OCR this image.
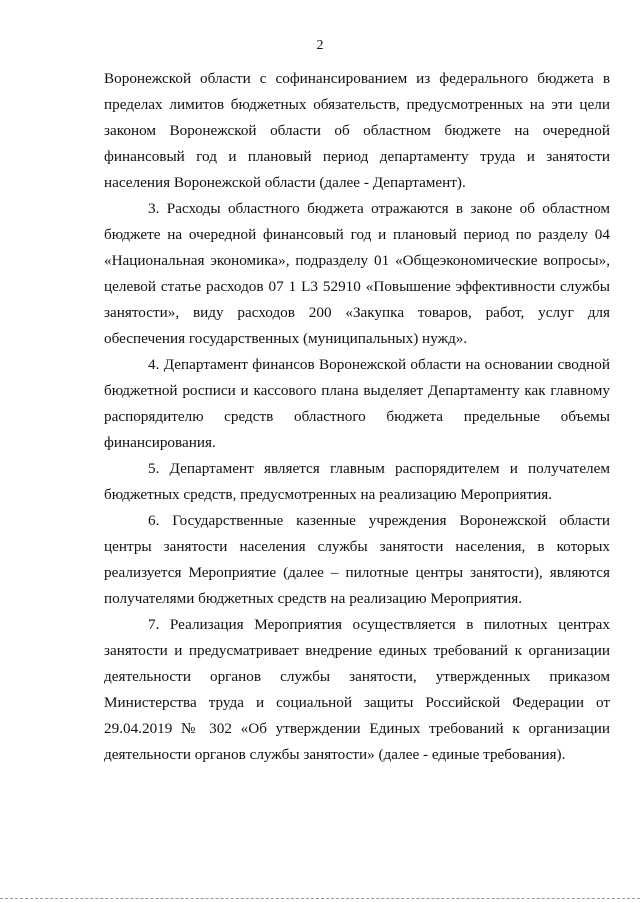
2

Воронежской области с софинансированием из федерального бюджета в пределах лимитов бюджетных обязательств, предусмотренных на эти цели законом Воронежской области об областном бюджете на очередной финансовый год и плановый период департаменту труда и занятости населения Воронежской области (далее - Департамент).

3. Расходы областного бюджета отражаются в законе об областном бюджете на очередной финансовый год и плановый период по разделу 04 «Национальная экономика», подразделу 01 «Общеэкономические вопросы», целевой статье расходов 07 1 L3 52910 «Повышение эффективности службы занятости», виду расходов 200 «Закупка товаров, работ, услуг для обеспечения государственных (муниципальных) нужд».

4. Департамент финансов Воронежской области на основании сводной бюджетной росписи и кассового плана выделяет Департаменту как главному распорядителю средств областного бюджета предельные объемы финансирования.

5. Департамент является главным распорядителем и получателем бюджетных средств, предусмотренных на реализацию Мероприятия.

6. Государственные казенные учреждения Воронежской области центры занятости населения службы занятости населения, в которых реализуется Мероприятие (далее – пилотные центры занятости), являются получателями бюджетных средств на реализацию Мероприятия.

7. Реализация Мероприятия осуществляется в пилотных центрах занятости и предусматривает внедрение единых требований к организации деятельности органов службы занятости, утвержденных приказом Министерства труда и социальной защиты Российской Федерации от 29.04.2019 № 302 «Об утверждении Единых требований к организации деятельности органов службы занятости» (далее - единые требования).
